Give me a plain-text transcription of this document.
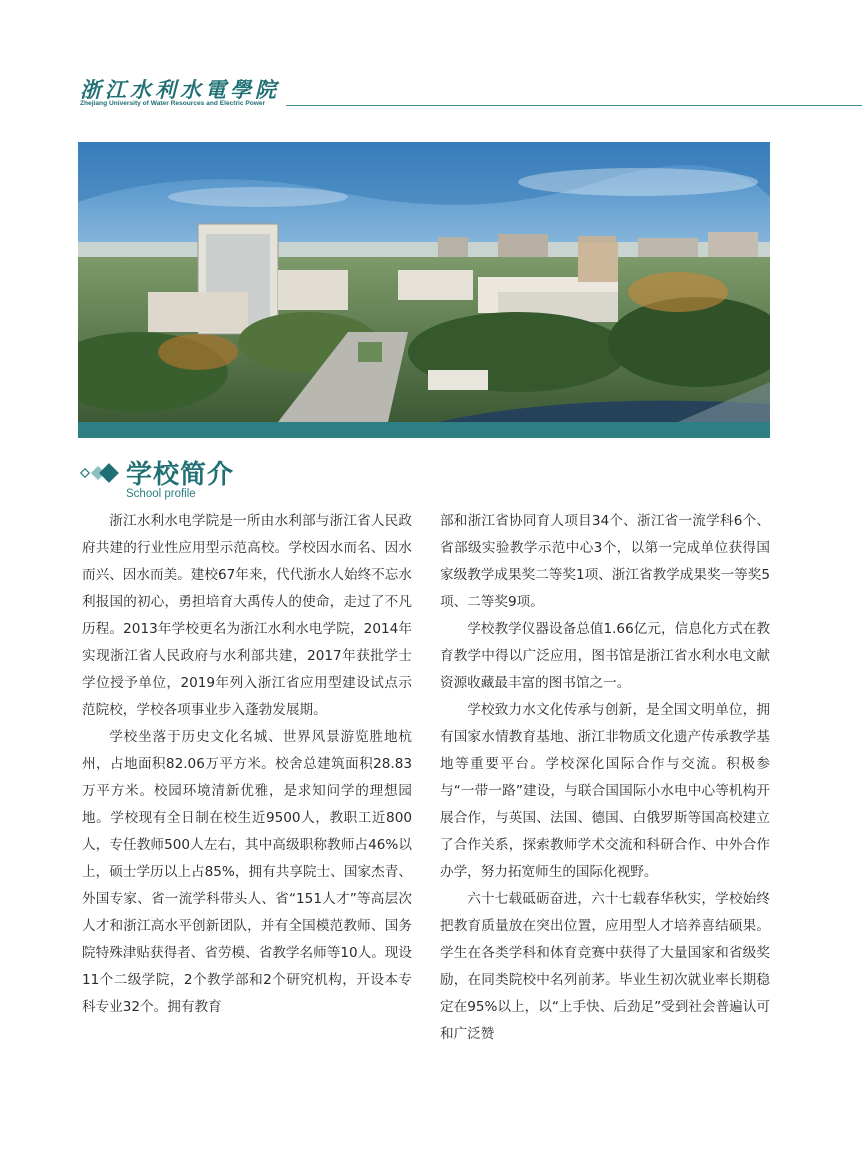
浙江水利水電學院
Zhejiang University of Water Resources and Electric Power
学校简介
School profile

浙江水利水电学院是一所由水利部与浙江省人民政府共建的行业性应用型示范高校。学校因水而名、因水而兴、因水而美。建校67年来，代代浙水人始终不忘水利报国的初心，勇担培育大禹传人的使命，走过了不凡历程。2013年学校更名为浙江水利水电学院，2014年实现浙江省人民政府与水利部共建，2017年获批学士学位授予单位，2019年列入浙江省应用型建设试点示范院校，学校各项事业步入蓬勃发展期。

学校坐落于历史文化名城、世界风景游览胜地杭州，占地面积82.06万平方米。校舍总建筑面积28.83万平方米。校园环境清新优雅，是求知问学的理想园地。学校现有全日制在校生近9500人，教职工近800人，专任教师500人左右，其中高级职称教师占46%以上，硕士学历以上占85%，拥有共享院士、国家杰青、外国专家、省一流学科带头人、省“151人才”等高层次人才和浙江高水平创新团队，并有全国模范教师、国务院特殊津贴获得者、省劳模、省教学名师等10人。现设11个二级学院，2个教学部和2个研究机构，开设本专科专业32个。拥有教育

部和浙江省协同育人项目34个、浙江省一流学科6个、省部级实验教学示范中心3个，以第一完成单位获得国家级教学成果奖二等奖1项、浙江省教学成果奖一等奖5项、二等奖9项。

学校教学仪器设备总值1.66亿元，信息化方式在教育教学中得以广泛应用，图书馆是浙江省水利水电文献资源收藏最丰富的图书馆之一。

学校致力水文化传承与创新，是全国文明单位，拥有国家水情教育基地、浙江非物质文化遗产传承教学基地等重要平台。学校深化国际合作与交流。积极参与“一带一路”建设，与联合国国际小水电中心等机构开展合作，与英国、法国、德国、白俄罗斯等国高校建立了合作关系，探索教师学术交流和科研合作、中外合作办学，努力拓宽师生的国际化视野。

六十七载砥砺奋进，六十七载春华秋实，学校始终把教育质量放在突出位置，应用型人才培养喜结硕果。学生在各类学科和体育竞赛中获得了大量国家和省级奖励，在同类院校中名列前茅。毕业生初次就业率长期稳定在95%以上，以“上手快、后劲足”受到社会普遍认可和广泛赞
